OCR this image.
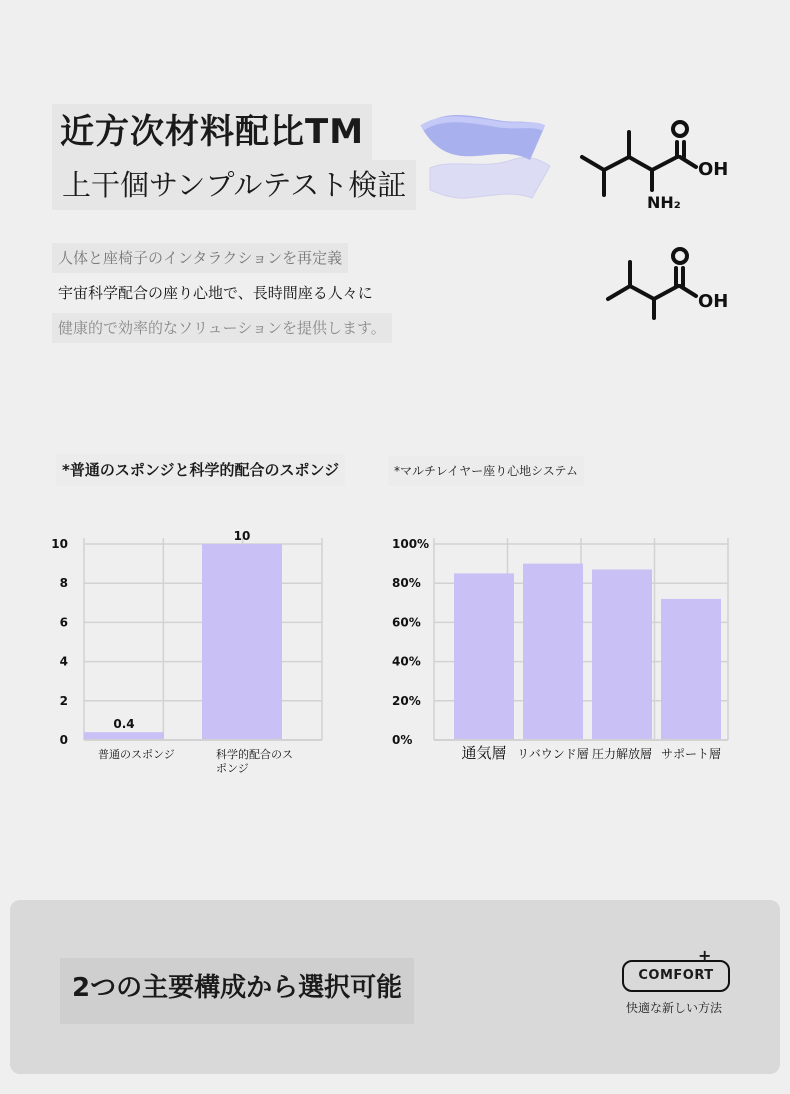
近方次材料配比TM
上干個サンプルテスト検証	OH
NH₂
OH
人体と座椅子のインタラクションを再定義
宇宙科学配合の座り心地で、長時間座る人々に
健康的で効率的なソリューションを提供します。
*普通のスポンジと科学的配合のスポンジ	*マルチレイヤー座り心地システム
0
2
4
6
8
10
0.4
普通のスポンジ
10
科学的配合のス
ポンジ
0%
20%
40%
60%
80%
100%
通気層 リバウンド層 圧力解放層 サポート層
2つの主要構成から選択可能	COMFORT
+
快適な新しい方法
